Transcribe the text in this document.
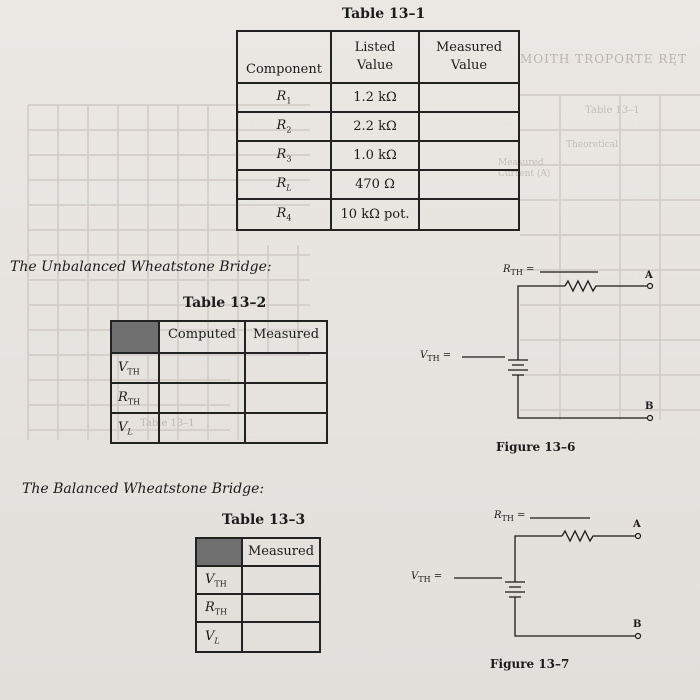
MOITH TROPORTE RĘT
Table 13–1
Theoretical
Measured Current (A)
Table 13–1
Table 13–1
Component	Listed Value	Measured Value

$R_1$	1.2 kΩ	
$R_2$	2.2 kΩ	
$R_3$	1.0 kΩ	
$R_L$	470 Ω	
$R_4$	10 kΩ pot.	
The Unbalanced Wheatstone Bridge:
Table 13–2
	Computed	Measured
$V_{TH}$		
$R_{TH}$		
$V_L$		
The Balanced Wheatstone Bridge:
Table 13–3
	Measured
$V_{TH}$	
$R_{TH}$	
$V_L$	
$R_{TH}$ =
$V_{TH}$ =
A
B
Figure 13–6
$R_{TH}$ =
$V_{TH}$ =
A
B
Figure 13–7
